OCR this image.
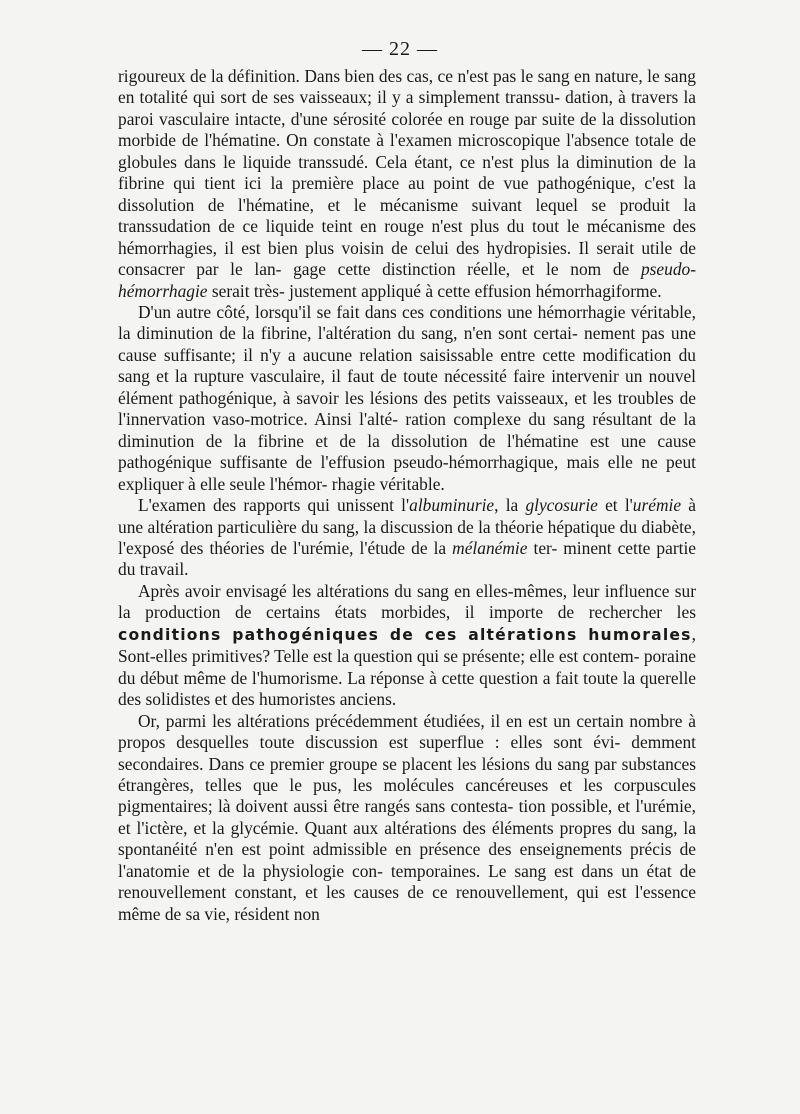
— 22 —

rigoureux de la définition. Dans bien des cas, ce n'est pas le sang en nature, le sang en totalité qui sort de ses vaisseaux; il y a simplement transsu- dation, à travers la paroi vasculaire intacte, d'une sérosité colorée en rouge par suite de la dissolution morbide de l'hématine. On constate à l'examen microscopique l'absence totale de globules dans le liquide transsudé. Cela étant, ce n'est plus la diminution de la fibrine qui tient ici la première place au point de vue pathogénique, c'est la dissolution de l'hématine, et le mécanisme suivant lequel se produit la transsudation de ce liquide teint en rouge n'est plus du tout le mécanisme des hémorrhagies, il est bien plus voisin de celui des hydropisies. Il serait utile de consacrer par le lan- gage cette distinction réelle, et le nom de pseudo-hémorrhagie serait très- justement appliqué à cette effusion hémorrhagiforme.

D'un autre côté, lorsqu'il se fait dans ces conditions une hémorrhagie véritable, la diminution de la fibrine, l'altération du sang, n'en sont certai- nement pas une cause suffisante; il n'y a aucune relation saisissable entre cette modification du sang et la rupture vasculaire, il faut de toute nécessité faire intervenir un nouvel élément pathogénique, à savoir les lésions des petits vaisseaux, et les troubles de l'innervation vaso-motrice. Ainsi l'alté- ration complexe du sang résultant de la diminution de la fibrine et de la dissolution de l'hématine est une cause pathogénique suffisante de l'effusion pseudo-hémorrhagique, mais elle ne peut expliquer à elle seule l'hémor- rhagie véritable.

L'examen des rapports qui unissent l'albuminurie, la glycosurie et l'urémie à une altération particulière du sang, la discussion de la théorie hépatique du diabète, l'exposé des théories de l'urémie, l'étude de la mélanémie ter- minent cette partie du travail.

Après avoir envisagé les altérations du sang en elles-mêmes, leur influence sur la production de certains états morbides, il importe de rechercher les conditions pathogéniques de ces altérations humorales, Sont-elles primitives? Telle est la question qui se présente; elle est contem- poraine du début même de l'humorisme. La réponse à cette question a fait toute la querelle des solidistes et des humoristes anciens.

Or, parmi les altérations précédemment étudiées, il en est un certain nombre à propos desquelles toute discussion est superflue : elles sont évi- demment secondaires. Dans ce premier groupe se placent les lésions du sang par substances étrangères, telles que le pus, les molécules cancéreuses et les corpuscules pigmentaires; là doivent aussi être rangés sans contesta- tion possible, et l'urémie, et l'ictère, et la glycémie. Quant aux altérations des éléments propres du sang, la spontanéité n'en est point admissible en présence des enseignements précis de l'anatomie et de la physiologie con- temporaines. Le sang est dans un état de renouvellement constant, et les causes de ce renouvellement, qui est l'essence même de sa vie, résident non
